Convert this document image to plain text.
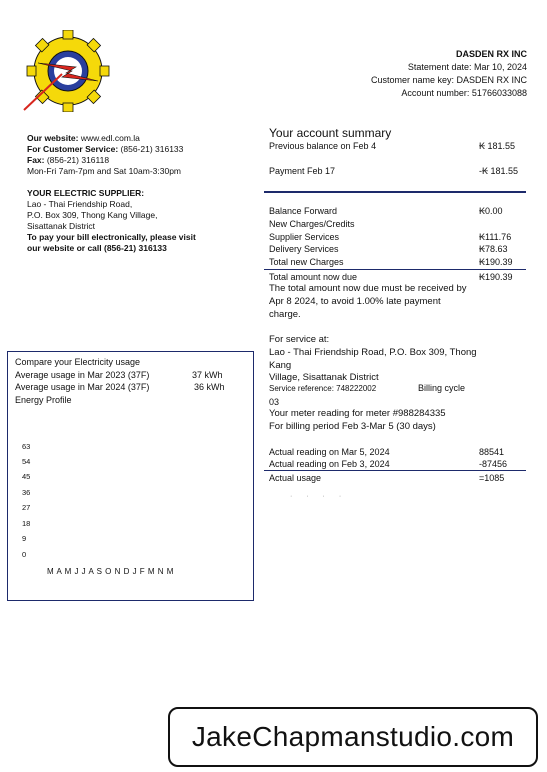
DASDEN RX INC
Statement date: Mar 10, 2024
Customer name key: DASDEN RX INC
Account number: 51766033088
Our website: www.edl.com.la
For Customer Service: (856-21) 316133
Fax: (856-21) 316118
Mon-Fri 7am-7pm and Sat 10am-3:30pm
YOUR ELECTRIC SUPPLIER:
Lao - Thai Friendship Road,
P.O. Box 309, Thong Kang Village,
Sisattanak District
To pay your bill electronically, please visit
our website or call (856-21) 316133
Your account summary
Previous balance on Feb 4	₭ 181.55
Payment Feb 17	-₭ 181.55
Balance Forward	₭0.00
New Charges/Credits
Supplier Services	₭111.76
Delivery Services	₭78.63
Total new Charges	₭190.39
Total amount now due	₭190.39
The total amount now due must be received by
Apr 8 2024, to avoid 1.00% late payment
charge.
For service at:
Lao - Thai Friendship Road, P.O. Box 309, Thong
Kang
Village, Sisattanak District
Service reference: 748222002	Billing cycle
03
Your meter reading for meter #988284335
For billing period Feb 3-Mar 5 (30 days)
Actual reading on Mar 5, 2024	88541
Actual reading on Feb 3, 2024	-87456
Actual usage	=1085
· · · ·
Compare your Electricity usage
Average usage in Mar 2023 (37F)	37 kWh
Average usage in Mar 2024 (37F)	36 kWh
Energy Profile
63
54
45
36
27
18
9
0
M A M J J A S O N D J F M N M
JakeChapmanstudio.com
